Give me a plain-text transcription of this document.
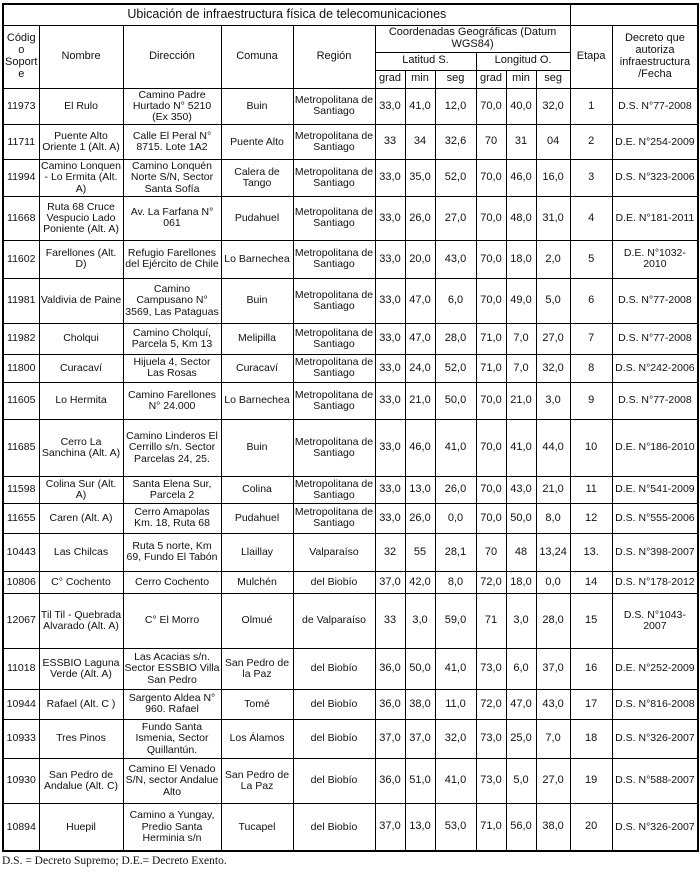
Ubicación de infraestructura física de telecomunicaciones												
Código Soporte	Nombre	Dirección	Comuna	Región	Coordenadas Geográficas (Datum WGS84)						Etapa	Decreto que autoriza infraestructura /Fecha
					Latitud S.			Longitud O.				
					grad	min	seg	grad	min	seg		
11973	El Rulo	Camino Padre Hurtado N° 5210 (Ex 350)	Buin	Metropolitana de Santiago	33,0	41,0	12,0	70,0	40,0	32,0	1	D.S. N°77-2008
11711	Puente Alto Oriente 1 (Alt. A)	Calle El Peral N° 8715. Lote 1A2	Puente Alto	Metropolitana de Santiago	33	34	32,6	70	31	04	2	D.E. N°254-2009
11994	Camino Lonquen - Lo Ermita (Alt. A)	Camino Lonquén Norte S/N, Sector Santa Sofía	Calera de Tango	Metropolitana de Santiago	33,0	35,0	52,0	70,0	46,0	16,0	3	D.S. N°323-2006
11668	Ruta 68 Cruce Vespucio Lado Poniente (Alt. A)	Av. La Farfana N° 061	Pudahuel	Metropolitana de Santiago	33,0	26,0	27,0	70,0	48,0	31,0	4	D.E. N°181-2011
11602	Farellones (Alt. D)	Refugio Farellones del Ejército de Chile	Lo Barnechea	Metropolitana de Santiago	33,0	20,0	43,0	70,0	18,0	2,0	5	D.E. N°1032-2010
11981	Valdivia de Paine	Camino Campusano N° 3569, Las Pataguas	Buin	Metropolitana de Santiago	33,0	47,0	6,0	70,0	49,0	5,0	6	D.S. N°77-2008
11982	Cholqui	Camino Cholquí, Parcela 5, Km 13	Melipilla	Metropolitana de Santiago	33,0	47,0	28,0	71,0	7,0	27,0	7	D.S. N°77-2008
11800	Curacaví	Hijuela 4, Sector Las Rosas	Curacaví	Metropolitana de Santiago	33,0	24,0	52,0	71,0	7,0	32,0	8	D.S. N°242-2006
11605	Lo Hermita	Camino Farellones N° 24.000	Lo Barnechea	Metropolitana de Santiago	33,0	21,0	50,0	70,0	21,0	3,0	9	D.S. N°77-2008
11685	Cerro La Sanchina (Alt. A)	Camino Linderos El Cerrillo s/n. Sector Parcelas 24, 25.	Buin	Metropolitana de Santiago	33,0	46,0	41,0	70,0	41,0	44,0	10	D.E. N°186-2010
11598	Colina Sur (Alt. A)	Santa Elena Sur, Parcela 2	Colina	Metropolitana de Santiago	33,0	13,0	26,0	70,0	43,0	21,0	11	D.E. N°541-2009
11655	Caren (Alt. A)	Cerro Amapolas Km. 18, Ruta 68	Pudahuel	Metropolitana de Santiago	33,0	26,0	0,0	70,0	50,0	8,0	12	D.S. N°555-2006
10443	Las Chilcas	Ruta 5 norte, Km 69, Fundo El Tabón	Llaillay	Valparaíso	32	55	28,1	70	48	13,24	13.	D.S. N°398-2007
10806	C° Cochento	Cerro Cochento	Mulchén	del Biobío	37,0	42,0	8,0	72,0	18,0	0,0	14	D.S. N°178-2012
12067	Til Til - Quebrada Alvarado (Alt. A)	C° El Morro	Olmué	de Valparaíso	33	3,0	59,0	71	3,0	28,0	15	D.S. N°1043-2007
11018	ESSBIO Laguna Verde (Alt. A)	Las Acacias s/n. Sector ESSBIO Villa San Pedro	San Pedro de la Paz	del Biobío	36,0	50,0	41,0	73,0	6,0	37,0	16	D.E. N°252-2009
10944	Rafael (Alt. C )	Sargento Aldea N° 960. Rafael	Tomé	del Biobío	36,0	38,0	11,0	72,0	47,0	43,0	17	D.S. N°816-2008
10933	Tres Pinos	Fundo Santa Ismenia, Sector Quillantún.	Los Álamos	del Biobío	37,0	37,0	32,0	73,0	25,0	7,0	18	D.S. N°326-2007
10930	San Pedro de Andalue (Alt. C)	Camino El Venado S/N, sector Andalue Alto	San Pedro de La Paz	del Biobío	36,0	51,0	41,0	73,0	5,0	27,0	19	D.S. N°588-2007
10894	Huepil	Camino a Yungay, Predio Santa Herminia s/n	Tucapel	del Biobío	37,0	13,0	53,0	71,0	56,0	38,0	20	D.S. N°326-2007
D.S. = Decreto Supremo; D.E.= Decreto Exento.
